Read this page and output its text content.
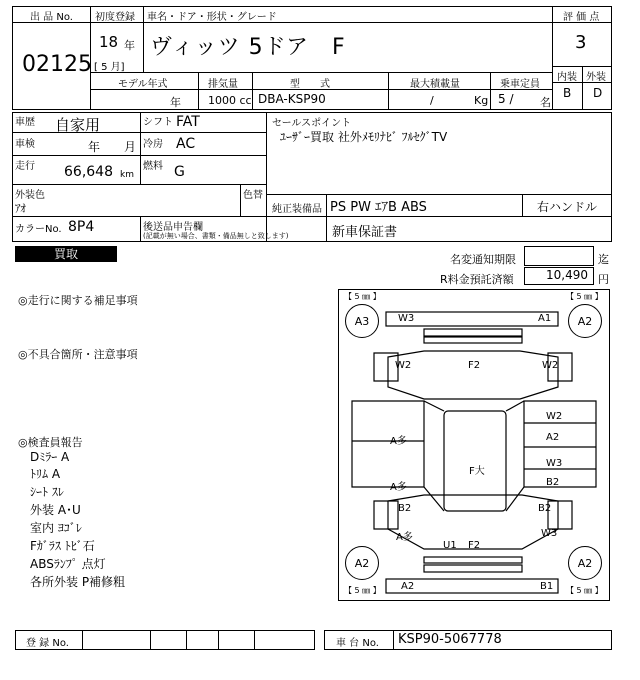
出 品 No.
02125
初度登録 車名・ドア・形状・グレード
18 年
[ 5 月]
ヴィッツ 5ドア　F
評 価 点
3
内装 外装
B D
モデル年式	排気量	型　　式	最大積載量	乗車定員
年 1000 cc DBA-KSP90	/	Kg 5 / 名
車歴 自家用	シフト FAT
車検	年 月 冷房 AC
走行 66,648 km
燃料 G
セールスポイント
ﾕｰｻﾞｰ買取 社外ﾒﾓﾘﾅﾋﾞ ﾌﾙｾｸﾞTV
外装色	色替
ｱｵ	純正装備品 PS PW ｴｱB ABS	右ハンドル
カラーNo. 8P4	後送品申告欄
(記載が無い場合、書類・備品無しと致します)	新車保証書
買取	名変通知期限	迄
R料金預託済額	10,490 円
◎走行に関する補足事項
◎不具合箇所・注意事項
◎検査員報告
Dﾐﾗｰ A
ﾄﾘﾑ A
ｼｰﾄ ｽﾚ
外装 A･U
室内 ﾖｺﾞﾚ
Fｶﾞﾗｽ ﾄﾋﾞ石
ABSﾗﾝﾌﾟ 点灯
各所外装 P補修粗
【 5 ㎜ 】	【 5 ㎜ 】
【 5 ㎜ 】	【 5 ㎜ 】
A3	A2
A2	A2
W3	A1
W2	F2	W2
W2
A2
A多
W3
F大
A多	B2
B2	B2
A多	W3
U1 F2
A2	B1
登 録 No.	車 台 No. KSP90-5067778
